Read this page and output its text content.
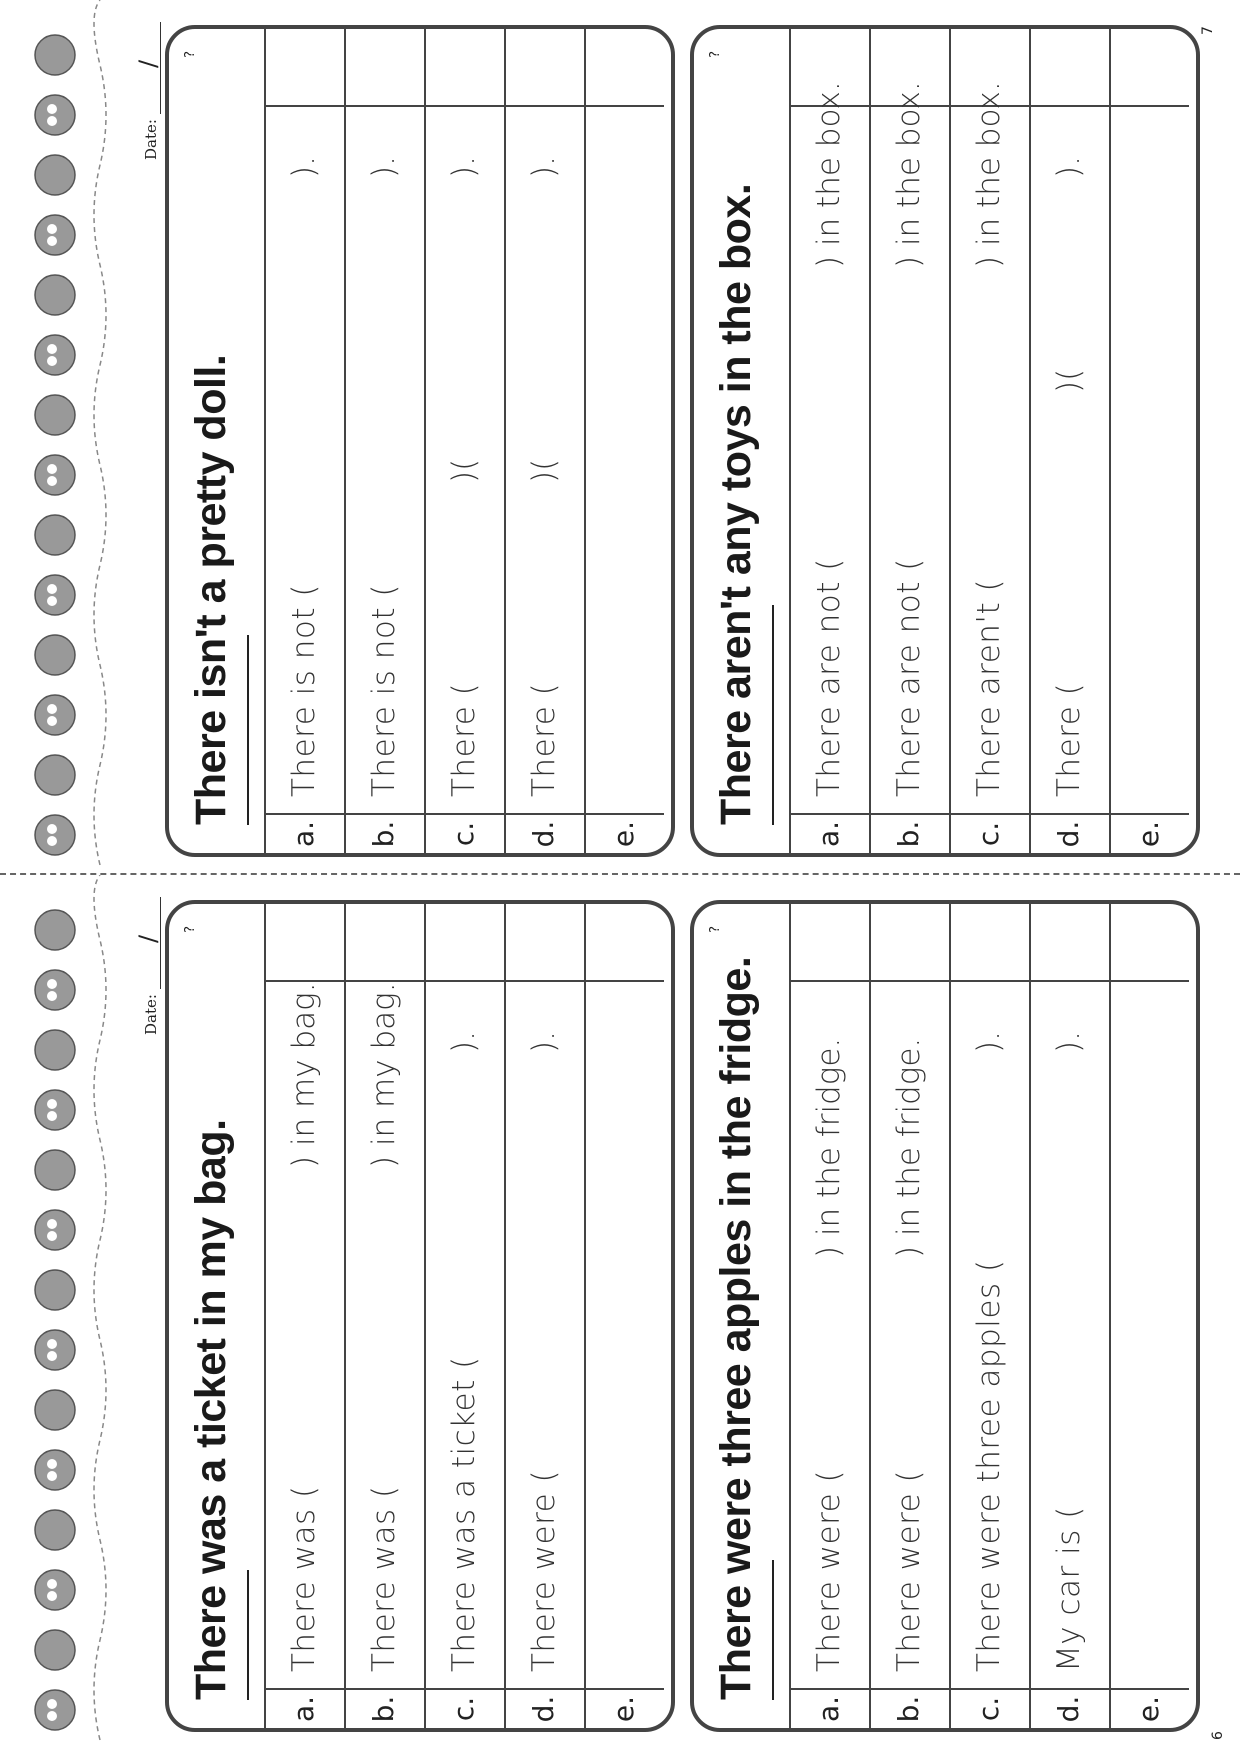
Date:
/
There was a ticket in my bag.
?
a.
There was (
) in my bag.
b.
There was (
) in my bag.
c.
There was a ticket (
).
d.
There were (
).
e.
There were three apples in the fridge.
?
a.
There were (
) in the fridge.
b.
There were (
) in the fridge.
c.
There were three apples (
).
d.
My car is (
).
e.
6
Date:
/
There isn't a pretty doll.
?
a.
There is not (
).
b.
There is not (
).
c.
There (
)(
).
d.
There (
)(
).
e.
There aren't any toys in the box.
?
a.
There are not (
) in the box.
b.
There are not (
) in the box.
c.
There aren't (
) in the box.
d.
There (
)(
).
e.
7
